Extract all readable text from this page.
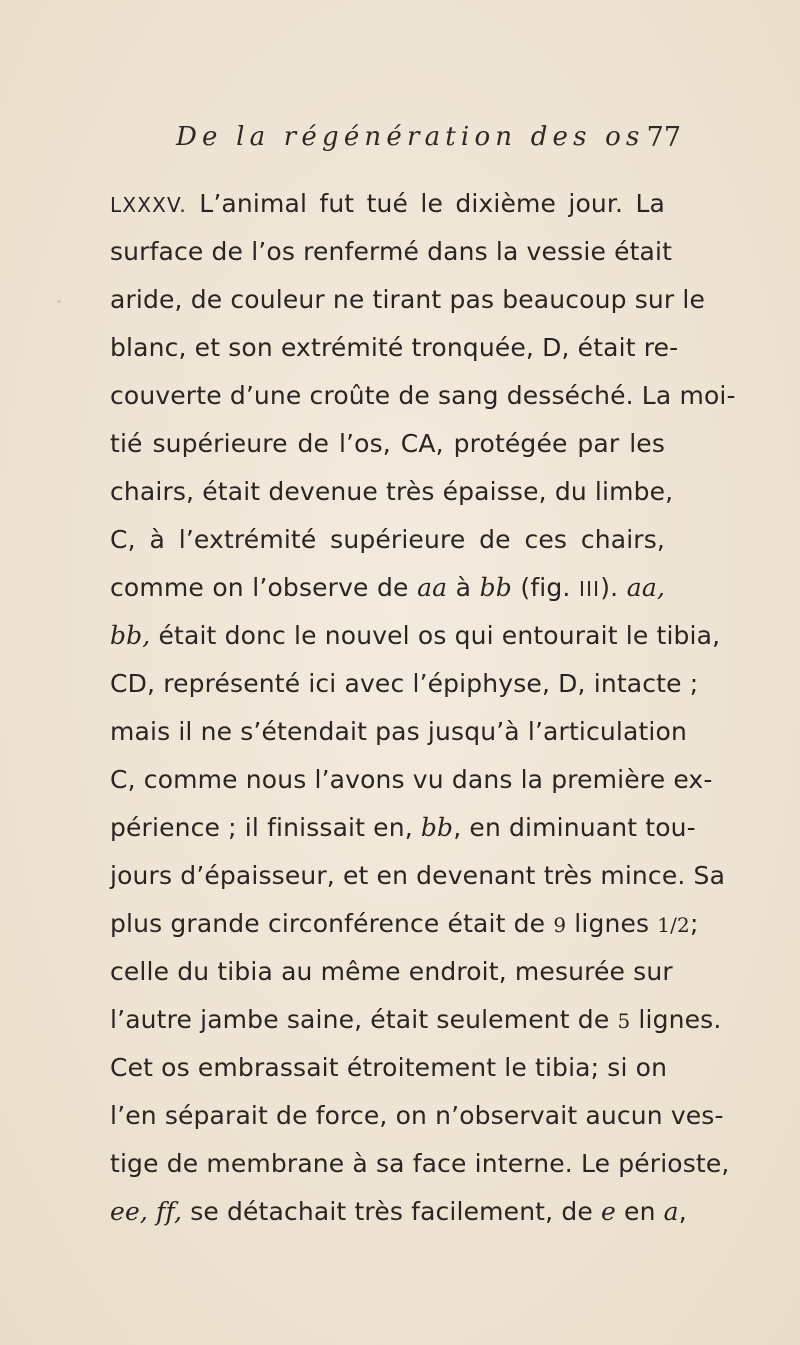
De la régénération des os 77
LXXXV. L’animal fut tué le dixième jour. La
surface de l’os renfermé dans la vessie était
aride, de couleur ne tirant pas beaucoup sur le
blanc, et son extrémité tronquée, D, était re-
couverte d’une croûte de sang desséché. La moi-
tié supérieure de l’os, CA, protégée par les
chairs, était devenue très épaisse, du limbe,
C, à l’extrémité supérieure de ces chairs,
comme on l’observe de aa à bb (fig. III). aa,
bb, était donc le nouvel os qui entourait le tibia,
CD, représenté ici avec l’épiphyse, D, intacte ;
mais il ne s’étendait pas jusqu’à l’articulation
C, comme nous l’avons vu dans la première ex-
périence ; il finissait en, bb, en diminuant tou-
jours d’épaisseur, et en devenant très mince. Sa
plus grande circonférence était de 9 lignes 1/2;
celle du tibia au même endroit, mesurée sur
l’autre jambe saine, était seulement de 5 lignes.
Cet os embrassait étroitement le tibia; si on
l’en séparait de force, on n’observait aucun ves-
tige de membrane à sa face interne. Le périoste,
ee, ff, se détachait très facilement, de e en a,
